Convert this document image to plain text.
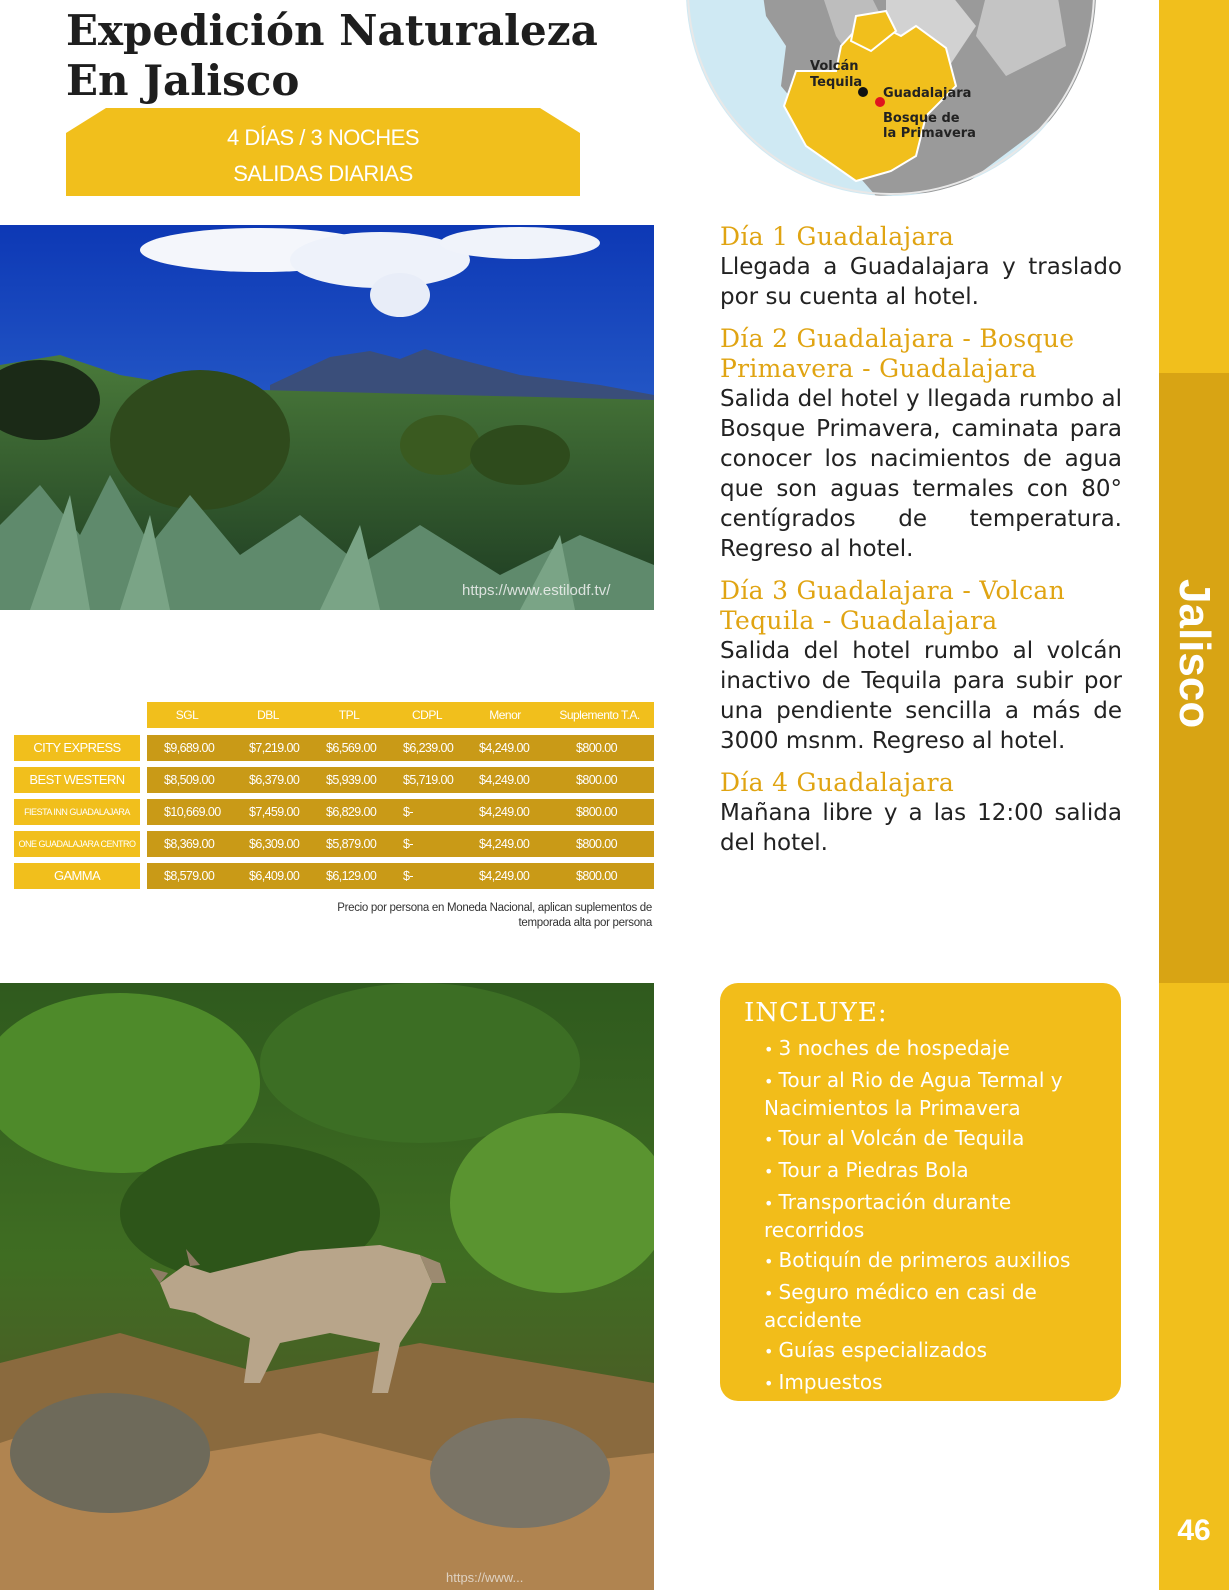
Expedición Naturaleza
En Jalisco
4 DÍAS / 3 NOCHES
SALIDAS DIARIAS
Volcán
Tequila
Guadalajara
Bosque de
la Primavera
https://www.estilodf.tv/
SGL	DBL	TPL	CDPL	Menor	Suplemento T.A.
CITY EXPRESS	$9,689.00	$7,219.00 $6,569.00 $6,239.00 $4,249.00	$800.00
BEST WESTERN	$8,509.00	$6,379.00 $5,939.00 $5,719.00 $4,249.00	$800.00
FIESTA INN GUADALAJARA	$10,669.00 $7,459.00 $6,829.00 $-	$4,249.00	$800.00
ONE GUADALAJARA CENTRO	$8,369.00	$6,309.00 $5,879.00 $-	$4,249.00	$800.00
GAMMA	$8,579.00	$6,409.00 $6,129.00 $-	$4,249.00	$800.00
Precio por persona en Moneda Nacional, aplican suplementos de
temporada alta por persona
https://www...
Día 1 Guadalajara
Llegada a Guadalajara y traslado por su cuenta al hotel.
Día 2 Guadalajara - Bosque Primavera - Guadalajara
Salida del hotel y llegada rumbo al Bosque Primavera, caminata para conocer los nacimientos de agua que son aguas termales con 80° centígrados de temperatura. Regreso al hotel.
Día 3 Guadalajara - Volcan Tequila - Guadalajara
Salida del hotel rumbo al volcán inactivo de Tequila para subir por una pendiente sencilla a más de 3000 msnm. Regreso al hotel.
Día 4 Guadalajara
Mañana libre y a las 12:00 salida del hotel.
INCLUYE:
• 3 noches de hospedaje
• Tour al Rio de Agua Termal y Nacimientos la Primavera
• Tour al Volcán de Tequila
• Tour a Piedras Bola
• Transportación durante recorridos
• Botiquín de primeros auxilios
• Seguro médico en casi de accidente
• Guías especializados
• Impuestos
Jalisco
46
